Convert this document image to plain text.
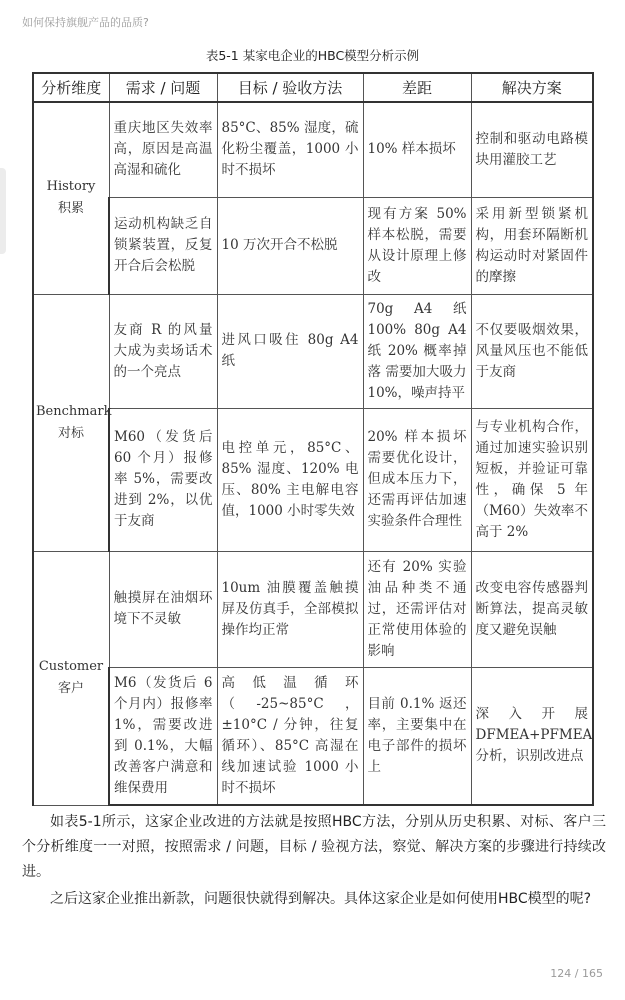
如何保持旗舰产品的品质?
表5-1 某家电企业的HBC模型分析示例
分析维度	需求 / 问题	目标 / 验收方法	差距	解决方案

History
积累	重庆地区失效率高，原因是高温高湿和硫化	85°C、85% 湿度，硫化粉尘覆盖，1000 小时不损坏	10% 样本损坏	控制和驱动电路模块用灌胶工艺
	运动机构缺乏自锁紧装置，反复开合后会松脱	10 万次开合不松脱	现有方案 50% 样本松脱，需要从设计原理上修改	采用新型锁紧机构，用套环隔断机构运动时对紧固件的摩擦

Benchmark
对标	友商 R 的风量大成为卖场话术的一个亮点	进风口吸住 80g A4 纸	70g A4 纸 100% 80g A4 纸 20% 概率掉落 需要加大吸力 10%，噪声持平	不仅要吸烟效果，风量风压也不能低于友商
	M60（发货后 60 个月）报修率 5%，需要改进到 2%，以优于友商	电控单元，85°C、85% 湿度、120% 电压、80% 主电解电容值，1000 小时零失效	20% 样本损坏需要优化设计，但成本压力下，还需再评估加速实验条件合理性	与专业机构合作，通过加速实验识别短板，并验证可靠性，确保 5 年（M60）失效率不高于 2%

Customer
客户	触摸屏在油烟环境下不灵敏	10um 油膜覆盖触摸屏及仿真手，全部模拟操作均正常	还有 20% 实验油品种类不通过，还需评估对正常使用体验的影响	改变电容传感器判断算法，提高灵敏度又避免误触
	M6（发货后 6 个月内）报修率 1%，需要改进到 0.1%，大幅改善客户满意和维保费用	高低温循环（-25~85°C，±10°C / 分钟，往复循环）、85°C 高湿在线加速试验 1000 小时不损坏	目前 0.1% 返还率，主要集中在电子部件的损坏上	深入开展 DFMEA+PFMEA 分析，识别改进点

如表5-1所示，这家企业改进的方法就是按照HBC方法，分别从历史积累、对标、客户三个分析维度一一对照，按照需求 / 问题，目标 / 验视方法，察觉、解决方案的步骤进行持续改进。

之后这家企业推出新款，问题很快就得到解决。具体这家企业是如何使用HBC模型的呢?

124 / 165
